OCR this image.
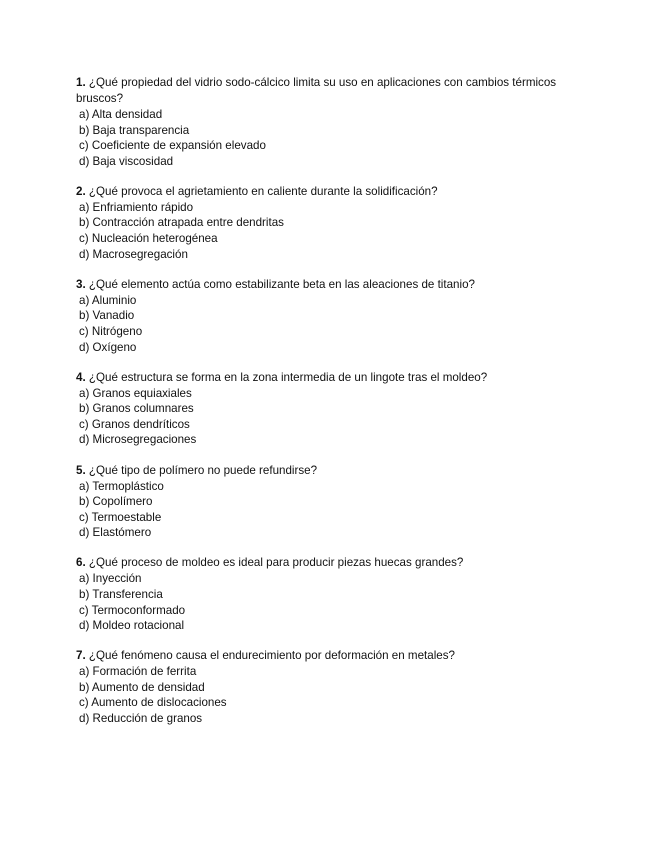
1. ¿Qué propiedad del vidrio sodo-cálcico limita su uso en aplicaciones con cambios térmicos bruscos?

a) Alta densidad
b) Baja transparencia
c) Coeficiente de expansión elevado
d) Baja viscosidad

2. ¿Qué provoca el agrietamiento en caliente durante la solidificación?

a) Enfriamiento rápido
b) Contracción atrapada entre dendritas
c) Nucleación heterogénea
d) Macrosegregación

3. ¿Qué elemento actúa como estabilizante beta en las aleaciones de titanio?

a) Aluminio
b) Vanadio
c) Nitrógeno
d) Oxígeno

4. ¿Qué estructura se forma en la zona intermedia de un lingote tras el moldeo?

a) Granos equiaxiales
b) Granos columnares
c) Granos dendríticos
d) Microsegregaciones

5. ¿Qué tipo de polímero no puede refundirse?

a) Termoplástico
b) Copolímero
c) Termoestable
d) Elastómero

6. ¿Qué proceso de moldeo es ideal para producir piezas huecas grandes?

a) Inyección
b) Transferencia
c) Termoconformado
d) Moldeo rotacional

7. ¿Qué fenómeno causa el endurecimiento por deformación en metales?

a) Formación de ferrita
b) Aumento de densidad
c) Aumento de dislocaciones
d) Reducción de granos
